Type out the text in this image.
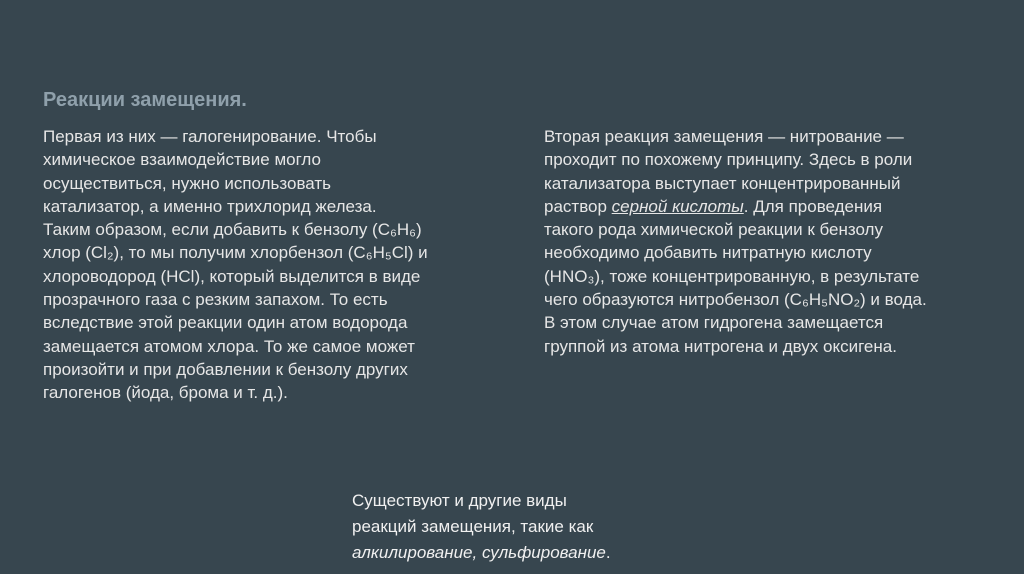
Реакции замещения.
Первая из них — галогенирование. Чтобы
химическое взаимодействие могло
осуществиться, нужно использовать
катализатор, а именно трихлорид железа.
Таким образом, если добавить к бензолу (C₆H₆)
хлор (Cl₂), то мы получим хлорбензол (C₆H₅Cl) и
хлороводород (HCl), который выделится в виде
прозрачного газа с резким запахом. То есть
вследствие этой реакции один атом водорода
замещается атомом хлора. То же самое может
произойти и при добавлении к бензолу других
галогенов (йода, брома и т. д.).
Вторая реакция замещения — нитрование —
проходит по похожему принципу. Здесь в роли
катализатора выступает концентрированный
раствор серной кислоты. Для проведения
такого рода химической реакции к бензолу
необходимо добавить нитратную кислоту
(HNO₃), тоже концентрированную, в результате
чего образуются нитробензол (C₆H₅NO₂) и вода.
В этом случае атом гидрогена замещается
группой из атома нитрогена и двух оксигена.
Существуют и другие виды
реакций замещения, такие как
алкилирование, сульфирование.
